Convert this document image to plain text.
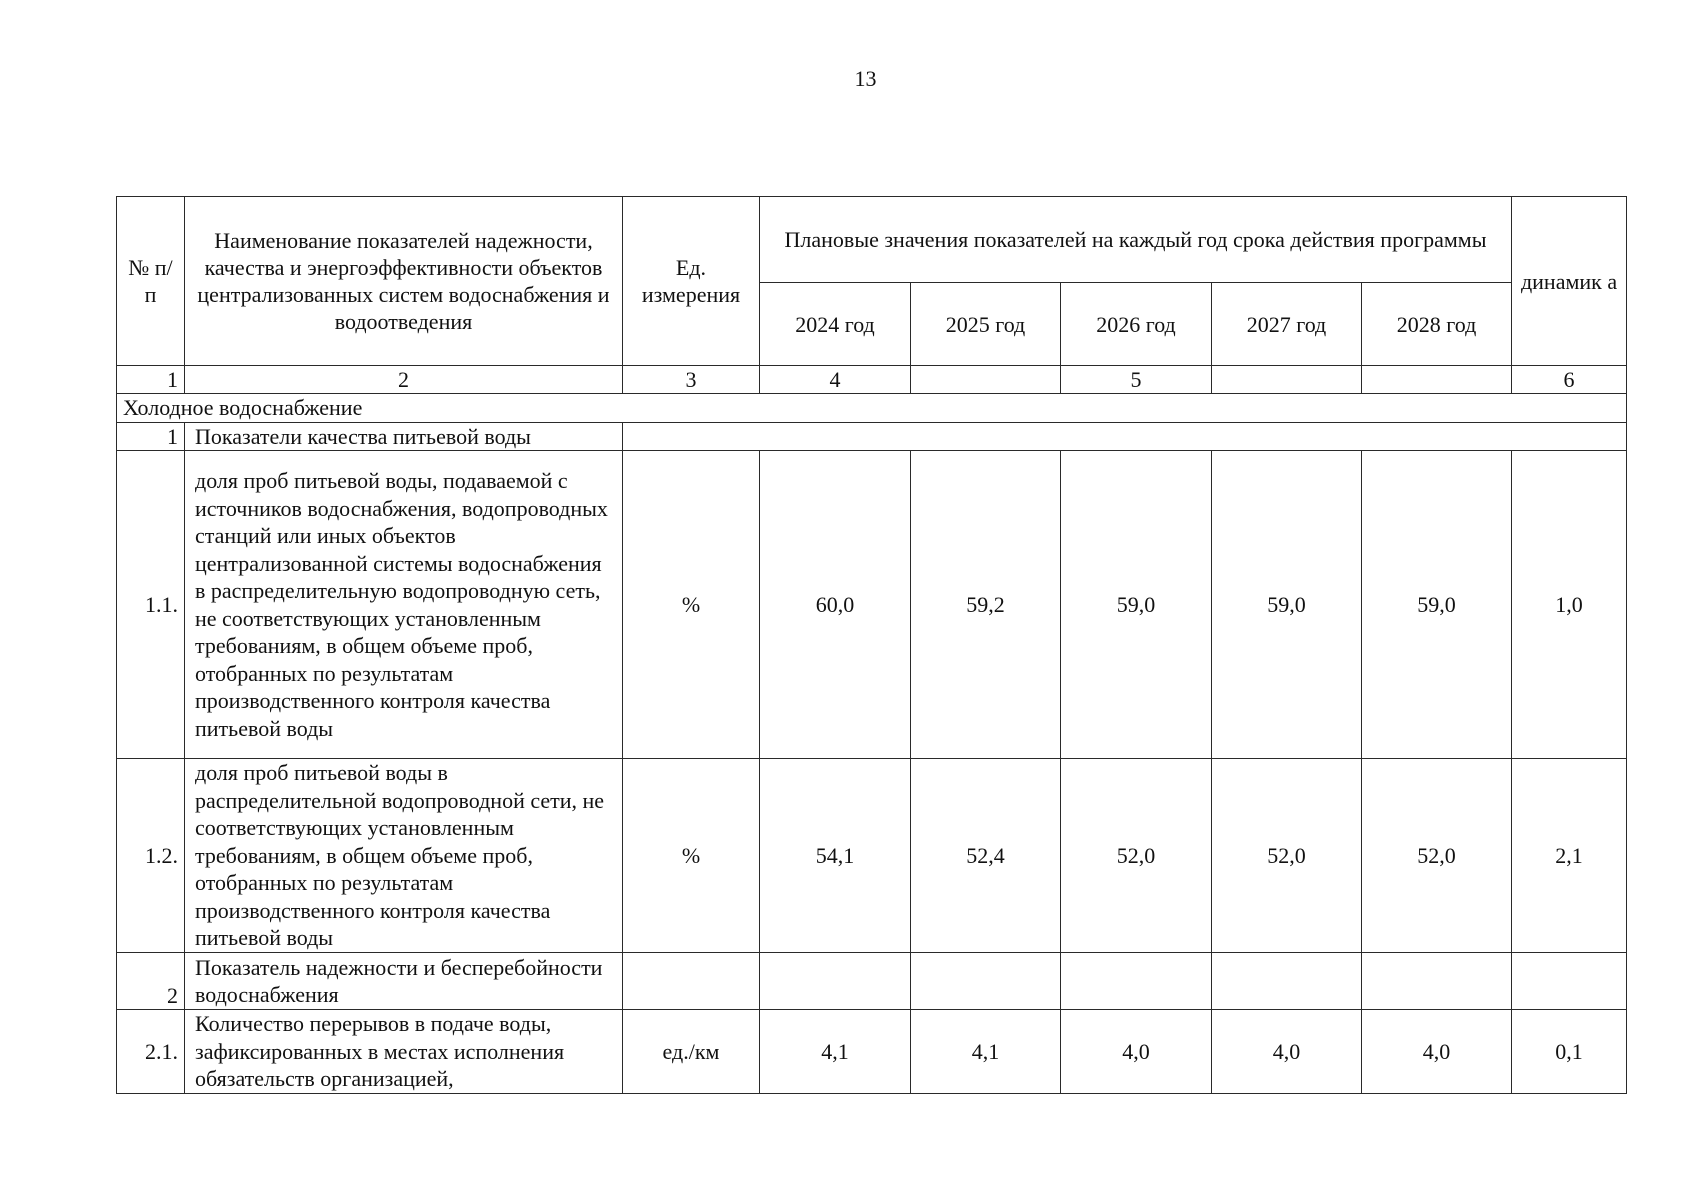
13
№ п/п	Наименование показателей надежности, качества и энергоэффективности объектов централизованных систем водоснабжения и водоотведения	Ед. измерения	Плановые значения показателей на каждый год срока действия программы					динамик а
			2024 год	2025 год	2026 год	2027 год	2028 год	
1	2	3	4		5			6
Холодное водоснабжение								
1	Показатели качества питьевой воды							
1.1.	доля проб питьевой воды, подаваемой с источников водоснабжения, водопроводных станций или иных объектов централизованной системы водоснабжения в распределительную водопроводную сеть, не соответствующих установленным требованиям, в общем объеме проб, отобранных по результатам производственного контроля качества питьевой воды	%	60,0	59,2	59,0	59,0	59,0	1,0
1.2.	доля проб питьевой воды в распределительной водопроводной сети, не соответствующих установленным требованиям, в общем объеме проб, отобранных по результатам производственного контроля качества питьевой воды	%	54,1	52,4	52,0	52,0	52,0	2,1
2	Показатель надежности и бесперебойности водоснабжения							
2.1.	Количество перерывов в подаче воды, зафиксированных в местах исполнения обязательств организацией,	ед./км	4,1	4,1	4,0	4,0	4,0	0,1
